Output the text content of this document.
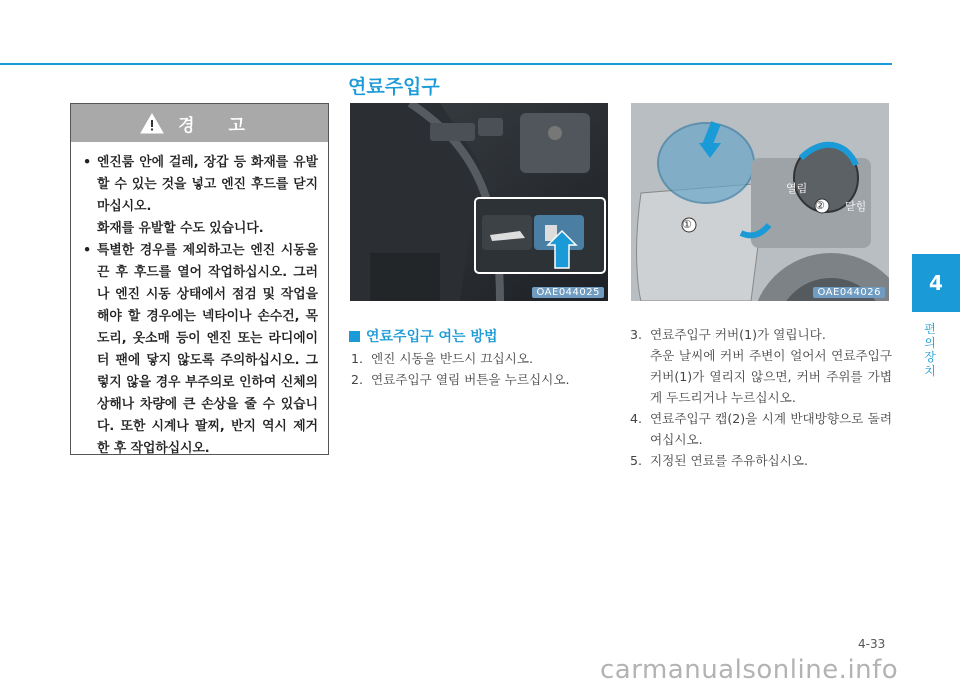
연료주입구
경 고
• 엔진룸 안에 걸레, 장갑 등 화재를 유발할 수 있는 것을 넣고 엔진 후드를 닫지 마십시오.

화재를 유발할 수도 있습니다.

• 특별한 경우를 제외하고는 엔진 시동을 끈 후 후드를 열어 작업하십시오. 그러나 엔진 시동 상태에서 점검 및 작업을 해야 할 경우에는 넥타이나 손수건, 목도리, 옷소매 등이 엔진 또는 라디에이터 팬에 닿지 않도록 주의하십시오. 그렇지 않을 경우 부주의로 인하여 신체의 상해나 차량에 큰 손상을 줄 수 있습니다. 또한 시계나 팔찌, 반지 역시 제거한 후 작업하십시오.
OAE044025
①
②
열림
닫힘
OAE044026
연료주입구 여는 방법
1. 엔진 시동을 반드시 끄십시오.
2. 연료주입구 열림 버튼을 누르십시오.
3. 연료주입구 커버(1)가 열립니다.
추운 날씨에 커버 주변이 얼어서 연료주입구 커버(1)가 열리지 않으면, 커버 주위를 가볍게 두드리거나 누르십시오.
4. 연료주입구 캡(2)을 시계 반대방향으로 돌려 여십시오.
5. 지정된 연료를 주유하십시오.
4
편의 장치
4-33
carmanualsonline.info
